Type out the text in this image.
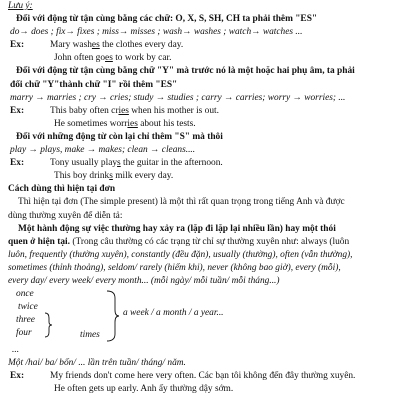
Lưu ý:
Đối với động từ tận cùng bằng các chữ: O, X, S, SH, CH ta phải thêm "ES"
do→ does ; fix→ fixes ; miss→ misses ; wash→ washes ; watch→ watches ...
Ex:	Mary washes the clothes every day.
John often goes to work by car.
Đối với động từ tận cùng bằng chữ "Y" mà trước nó là một hoặc hai phụ âm, ta phải
đổi chữ "Y"thành chữ "I" rồi thêm "ES"
marry → marries ; cry → cries; study → studies ; carry → carries; worry → worries; ...
Ex:	This baby often cries when his mother is out.
He sometimes worries about his tests.
Đối với những động từ còn lại chỉ thêm "S" mà thôi
play → plays, make → makes; clean → cleans....
Ex:	Tony usually plays the guitar in the afternoon.
This boy drinks milk every day.
Cách dùng thì hiện tại đơn
Thì hiện tại đơn (The simple present) là một thì rất quan trọng trong tiếng Anh và được
dùng thường xuyên để diễn tả:
Một hành động sự việc thường hay xảy ra (lặp đi lặp lại nhiều lần) hay một thói
quen ở hiện tại. (Trong câu thường có các trạng từ chỉ sự thường xuyên như: always (luôn
luôn, frequently (thường xuyên), constantly (đều đặn), usually (thường), often (vẫn thường),
sometimes (thỉnh thoảng), seldom/ rarely (hiếm khi), never (không bao giờ), every (mỗi),
every day/ every week/ every month... (mỗi ngày/ mỗi tuần/ mỗi tháng...)
once
twice
three
four	times
a week / a month / a year...
...
Một /hai/ ba/ bốn/ ... lần trên tuần/ tháng/ năm.
Ex:	My friends don't come here very often. Các bạn tôi không đến đây thường xuyên.
He often gets up early. Anh ấy thường dậy sớm.
